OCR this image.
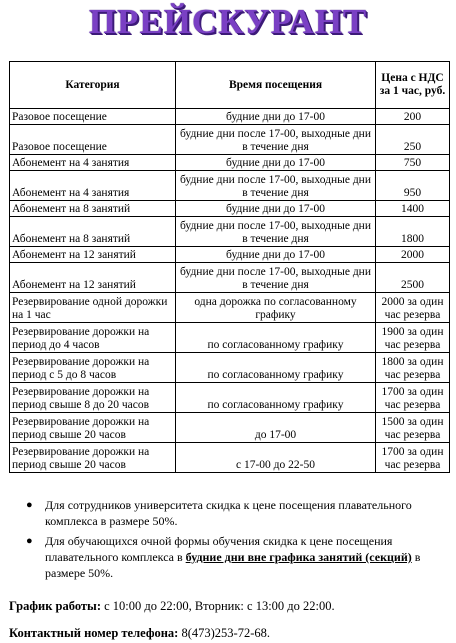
ПРЕЙСКУРАНТ
Категория	Время посещения	Цена с НДС за 1 час, руб.
Разовое посещение	будние дни до 17-00	200
Разовое посещение	будние дни после 17-00, выходные дни в течение дня	250
Абонемент на 4 занятия	будние дни до 17-00	750
Абонемент на 4 занятия	будние дни после 17-00, выходные дни в течение дня	950
Абонемент на 8 занятий	будние дни до 17-00	1400
Абонемент на 8 занятий	будние дни после 17-00, выходные дни в течение дня	1800
Абонемент на 12 занятий	будние дни до 17-00	2000
Абонемент на 12 занятий	будние дни после 17-00, выходные дни в течение дня	2500
Резервирование одной дорожки на 1 час	одна дорожка по согласованному графику	2000 за один час резерва
Резервирование дорожки на период до 4 часов	по согласованному графику	1900 за один час резерва
Резервирование дорожки на период с 5 до 8 часов	по согласованному графику	1800 за один час резерва
Резервирование дорожки на период свыше 8 до 20 часов	по согласованному графику	1700 за один час резерва
Резервирование дорожки на период свыше 20 часов	до 17-00	1500 за один час резерва
Резервирование дорожки на период свыше 20 часов	с 17-00 до 22-50	1700 за один час резерва
● Для сотрудников университета скидка к цене посещения плавательного комплекса в размере 50%.
● Для обучающихся очной формы обучения скидка к цене посещения плавательного комплекса в будние дни вне графика занятий (секций) в размере 50%.
График работы: с 10:00 до 22:00, Вторник: с 13:00 до 22:00.
Контактный номер телефона: 8(473)253-72-68.
